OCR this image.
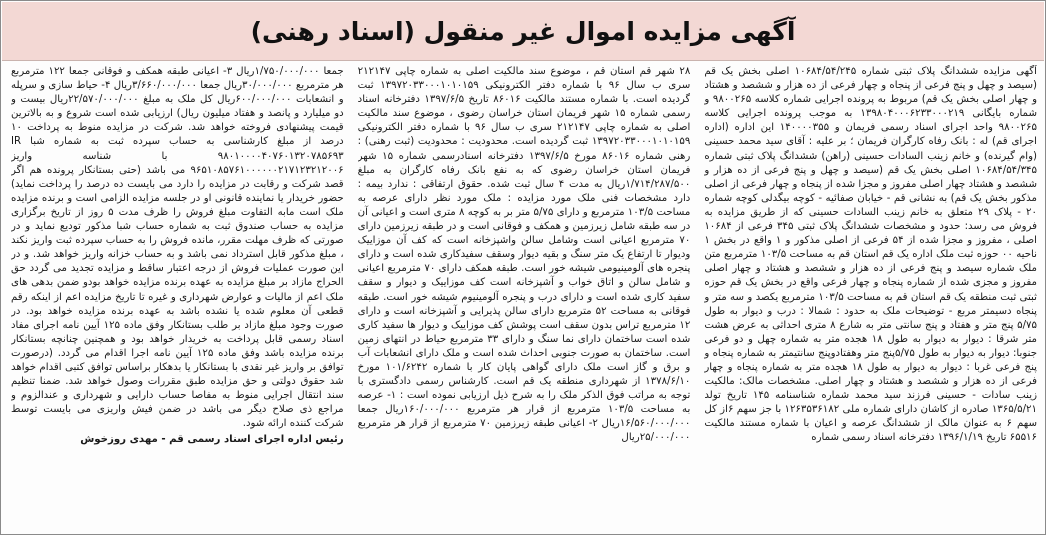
آگهی مزایده اموال غیر منقول (اسناد رهنی)
آگهی مزایده ششدانگ پلاک ثبتی شماره ۱۰۶۸۴/۵۴/۲۴۵ اصلی بخش یک قم (سیصد و چهل و پنج فرعی از پنجاه و چهار فرعی از ده هزار و ششصد و هشتاد و چهار اصلی بخش یک قم) مربوط به پرونده اجرایی شماره کلاسه ۹۸۰۰۲۶۵ و شماره بایگانی ۱۳۹۸۰۴۰۰۰۶۲۳۳۰۰۰۲۱۹ به موجب پرونده اجرایی کلاسه ۹۸۰۰۲۶۵ واحد اجرای اسناد رسمی فریمان و ۱۴۰۰۰۰۳۵۵ این اداره (اداره اجرای قم) له : بانک رفاه کارگران فریمان ؛ بر علیه : آقای سید محمد حسینی (وام گیرنده) و خانم زینب السادات حسینی (راهن) ششدانگ پلاک ثبتی شماره ۱۰۶۸۴/۵۴/۳۴۵ اصلی بخش یک قم (سیصد و چهل و پنج فرعی از ده هزار و ششصد و هشتاد چهار اصلی مفروز و مجزا شده از پنجاه و چهار فرعی از اصلی مذکور بخش یک قم) به نشانی قم - خیابان صفائیه - کوچه بیگدلی کوچه شماره ۲۰ - پلاک ۲۹ متعلق به خانم زینب السادات حسینی که از طریق مزایده به فروش می رسد: حدود و مشخصات ششدانگ پلاک ثبتی ۳۴۵ فرعی از ۱۰۶۸۴ اصلی ، مفروز و مجزا شده از ۵۴ فرعی از اصلی مذکور و ۱ واقع در بخش ۱ ناحیه ۰۰ حوزه ثبت ملک اداره یک قم استان قم به مساحت ۱۰۳/۵ مترمربع متن ملک شماره سیصد و پنج فرعی از ده هزار و ششصد و هشتاد و چهار اصلی مفروز و مجزی شده از شماره پنجاه و چهار فرعی واقع در بخش یک قم حوزه ثبتی ثبت منطقه یک قم استان قم به مساحت ۱۰۳/۵ مترمربع یکصد و سه متر و پنجاه دسیمتر مربع - توضیحات ملک به حدود : شمالا : درب و دیوار به طول ۵/۷۵ پنج متر و هفتاد و پنج سانتی متر به شارع ۸ متری احداثی به عرض هشت متر شرقا : دیوار به دیوار به طول ۱۸ هجده متر به شماره چهل و دو فرعی جنوبا: دیوار به دیوار به طول ۵/۷۵پنج متر وهفتادوپنج سانتیمتر به شماره پنجاه و پنج فرعی غربا : دیوار به دیوار به طول ۱۸ هجده متر به شماره پنجاه و چهار فرعی از ده هزار و ششصد و هشتاد و چهار اصلی. مشخصات مالک: مالکیت زینب سادات - حسینی فرزند سید محمد شماره شناسنامه ۱۴۵ تاریخ تولد ۱۳۶۵/۵/۲۱ صادره از کاشان دارای شماره ملی ۱۲۶۳۵۳۶۱۸۲ با جز سهم ۶از کل سهم ۶ به عنوان مالک از ششدانگ عرصه و اعیان با شماره مستند مالکیت ۶۵۵۱۶ تاریخ ۱۳۹۶/۱/۱۹ دفترخانه اسناد رسمی شماره
۲۸ شهر قم استان قم ، موضوع سند مالکیت اصلی به شماره چاپی ۲۱۲۱۴۷ سری ب سال ۹۶ با شماره دفتر الکترونیکی ۱۳۹۷۲۰۳۳۰۰۰۱۰۱۰۱۵۹ ثبت گردیده است. با شماره مستند مالکیت ۸۶۰۱۶ تاریخ ۱۳۹۷/۶/۵ دفترخانه اسناد رسمی شماره ۱۵ شهر فریمان استان خراسان رضوی ، موضوع سند مالکیت اصلی به شماره چاپی ۲۱۲۱۴۷ سری ب سال ۹۶ با شماره دفتر الکترونیکی ۱۳۹۷۲۰۳۳۰۰۰۱۰۱۰۱۵۹ ثبت گردیده است. محدودیت : محدودیت (ثبت رهنی) : رهنی شماره ۸۶۰۱۶ مورخ ۱۳۹۷/۶/۵ دفترخانه اسنادرسمی شماره ۱۵ شهر فریمان استان خراسان رضوی که به نفع بانک رفاه کارگران به مبلغ ۱/۷۱۴/۲۸۷/۵۰۰ریال به مدت ۴ سال ثبت شده. حقوق ارتفاقی : ندارد بیمه : دارد مشخصات فنی ملک مورد مزایده : ملک مورد نظر دارای عرصه به مساحت ۱۰۳/۵ مترمربع و دارای ۵/۷۵ متر بر به کوچه ۸ متری است و اعیانی آن در سه طبقه شامل زیرزمین و همکف و فوقانی است و در طبقه زیرزمین دارای ۷۰ مترمربع اعیانی است وشامل سالن واشپزخانه است که کف آن موزاییک ودیوار تا ارتفاع یک متر سنگ و بقیه دیوار وسقف سفیدکاری شده است و دارای پنجره های آلومینیومی شیشه خور است. طبقه همکف دارای ۷۰ مترمربع اعیانی و شامل سالن و اتاق خواب و آشپزخانه است کف موزاییک و دیوار و سقف سفید کاری شده است و دارای درب و پنجره آلومینیوم شیشه خور است. طبقه فوقانی به مساحت ۵۲ مترمربع دارای سالن پذیرایی و آشپزخانه است و دارای ۱۲ مترمربع تراس بدون سقف است پوشش کف موزاییک و دیوار ها سفید کاری شده است ساختمان دارای نما سنگ و دارای ۳۳ مترمربع حیاط در انتهای زمین است. ساختمان به صورت جنوبی احداث شده است و ملک دارای انشعابات آب و برق و گاز است ملک دارای گواهی پایان کار با شماره ۱۰۱/۶۲۴۲ مورخ ۱۳۷۸/۶/۱۰ از شهرداری منطقه یک قم است. کارشناس رسمی دادگستری با توجه به مراتب فوق الذکر ملک را به شرح ذیل ارزیابی نموده است : ۱- عرصه به مساحت ۱۰۳/۵ مترمربع از قرار هر مترمربع ۱۶۰/۰۰۰/۰۰۰ریال جمعا ۱۶/۵۶۰/۰۰۰/۰۰۰ریال ۲- اعیانی طبقه زیرزمین ۷۰ مترمربع از قرار هر مترمربع ۲۵/۰۰۰/۰۰۰ریال
جمعا ۱/۷۵۰/۰۰۰/۰۰۰ریال ۳- اعیانی طبقه همکف و فوقانی جمعا ۱۲۲ مترمربع هر مترمربع ۳۰/۰۰۰/۰۰۰ریال جمعا ۳/۶۶۰/۰۰۰/۰۰۰ریال ۴- حیاط سازی و سرپله و انشعابات ۶۰۰/۰۰۰/۰۰۰ریال کل ملک به مبلغ ۲۲/۵۷۰/۰۰۰/۰۰۰ریال بیست و دو میلیارد و پانصد و هفتاد میلیون ریال) ارزیابی شده است شروع و به بالاترین قیمت پیشنهادی فروخته خواهد شد. شرکت در مزایده منوط به پرداخت ۱۰ درصد از مبلغ کارشناسی به حساب سپرده ثبت به شماره شبا IR ۹۸۰۱۰۰۰۰۴۰۷۶۰۱۳۲۰۷۸۵۶۹۳ با شناسه واریز ۹۶۵۱۰۸۵۷۶۱۰۰۰۰۰۰۲۱۷۱۲۳۲۱۲۰۰۶ می باشد (حتی بستانکار پرونده هم اگر قصد شرکت و رقابت در مزایده را دارد می بایست ده درصد را پرداخت نماید) حضور خریدار یا نماینده قانونی او در جلسه مزایده الزامی است و برنده مزایده ملک است مابه التفاوت مبلغ فروش را ظرف مدت ۵ روز از تاریخ برگزاری مزایده به حساب صندوق ثبت به شماره حساب شبا مذکور تودیع نماید و در صورتی که ظرف مهلت مقرر، مانده فروش را به حساب سپرده ثبت واریز نکند ، مبلغ مذکور قابل استرداد نمی باشد و به حساب خزانه واریز خواهد شد. و در این صورت عملیات فروش از درجه اعتبار ساقط و مزایده تجدید می گردد حق الحراج مازاد بر مبلغ مزایده به عهده برنده مزایده خواهد بودو ضمن بدهی های ملک اعم از مالیات و عوارض شهرداری و غیره تا تاریخ مزایده اعم از اینکه رقم قطعی آن معلوم شده یا نشده باشد به عهده برنده مزایده خواهد بود. در صورت وجود مبلغ مازاد بر طلب بستانکار وفق ماده ۱۲۵ آیین نامه اجرای مفاد اسناد رسمی قابل پرداخت به خریدار خواهد بود و همچنین چنانچه بستانکار برنده مزایده باشد وفق ماده ۱۲۵ آیین نامه اجرا اقدام می گردد. (درصورت توافق بر واریز غیر نقدی با بستانکار یا بدهکار براساس توافق کتبی اقدام خواهد شد حقوق دولتی و حق مزایده طبق مقررات وصول خواهد شد. ضمنا تنظیم سند انتقال اجرایی منوط به مفاصا حساب دارایی و شهرداری و عندالزوم و مراجع ذی صلاح دیگر می باشد در ضمن فیش واریزی می بایست توسط شرکت کننده ارائه شود.
رئیس اداره اجرای اسناد رسمی قم - مهدی روزخوش
